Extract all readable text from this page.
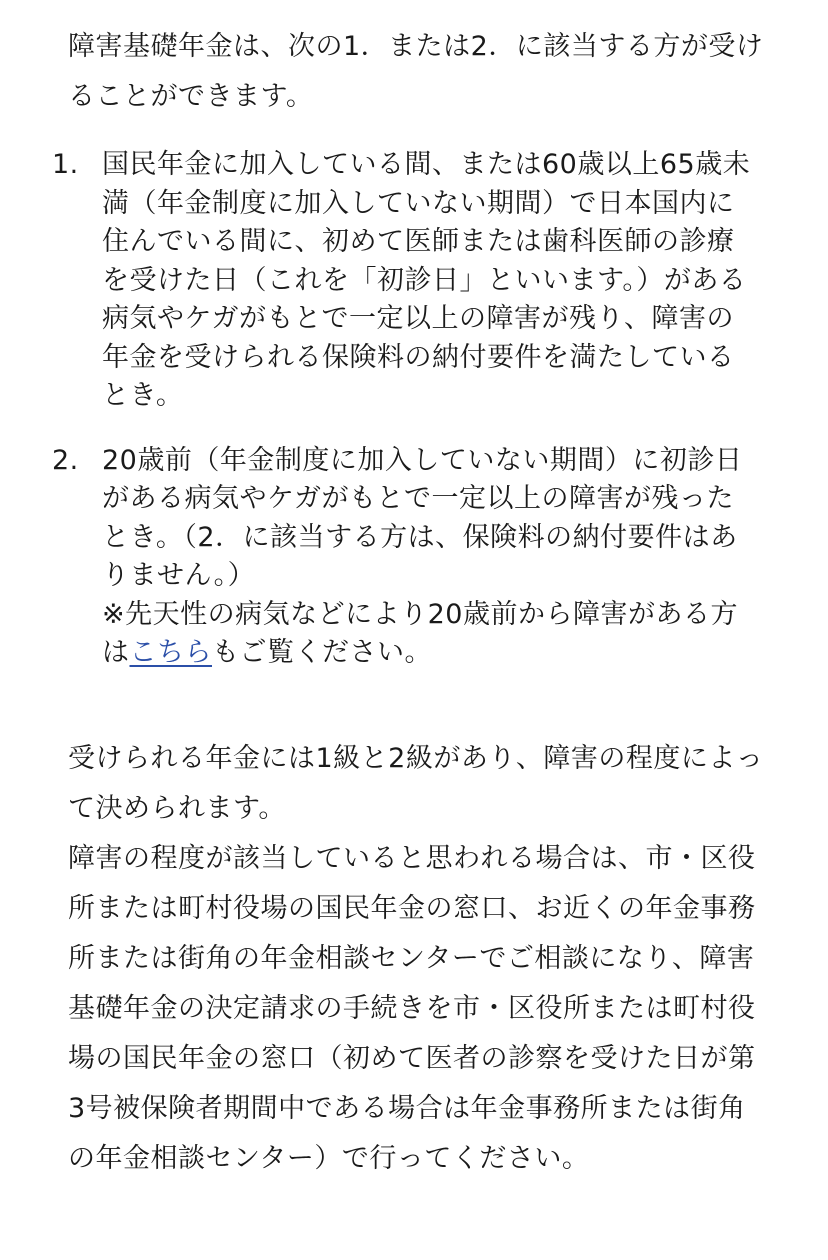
障害基礎年金は、次の1．または2．に該当する方が受けることができます。

1. 国民年金に加入している間、または60歳以上65歳未満（年金制度に加入していない期間）で日本国内に住んでいる間に、初めて医師または歯科医師の診療を受けた日（これを「初診日」といいます。）がある病気やケガがもとで一定以上の障害が残り、障害の年金を受けられる保険料の納付要件を満たしているとき。
2. 20歳前（年金制度に加入していない期間）に初診日がある病気やケガがもとで一定以上の障害が残ったとき。（2．に該当する方は、保険料の納付要件はありません。）
※先天性の病気などにより20歳前から障害がある方はこちらもご覧ください。
受けられる年金には1級と2級があり、障害の程度によって決められます。
障害の程度が該当していると思われる場合は、市・区役所または町村役場の国民年金の窓口、お近くの年金事務所または街角の年金相談センターでご相談になり、障害基礎年金の決定請求の手続きを市・区役所または町村役場の国民年金の窓口（初めて医者の診察を受けた日が第3号被保険者期間中である場合は年金事務所または街角の年金相談センター）で行ってください。
